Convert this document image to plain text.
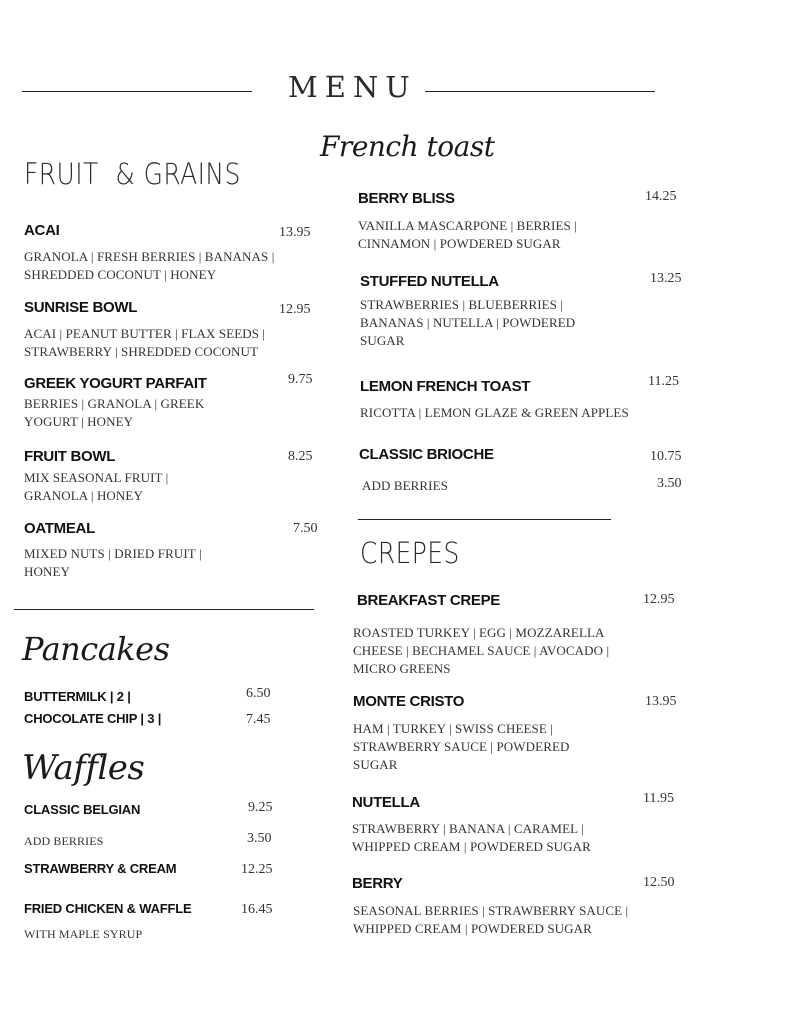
MENU
FRUIT  & GRAINS
ACAI	13.95
GRANOLA | FRESH BERRIES | BANANAS | SHREDDED COCONUT | HONEY
SUNRISE BOWL	12.95
ACAI | PEANUT BUTTER | FLAX SEEDS | STRAWBERRY | SHREDDED COCONUT
GREEK YOGURT PARFAIT	9.75
BERRIES | GRANOLA | GREEK YOGURT | HONEY
FRUIT BOWL	8.25
MIX SEASONAL FRUIT | GRANOLA | HONEY
OATMEAL	7.50
MIXED NUTS | DRIED FRUIT | HONEY
Pancakes
BUTTERMILK | 2 |	6.50
CHOCOLATE CHIP | 3 |	7.45
Waffles
CLASSIC BELGIAN	9.25
ADD BERRIES	3.50
STRAWBERRY & CREAM	12.25
FRIED CHICKEN & WAFFLE	16.45
WITH MAPLE SYRUP
French toast
BERRY BLISS	14.25
VANILLA MASCARPONE | BERRIES | CINNAMON | POWDERED SUGAR
STUFFED NUTELLA	13.25
STRAWBERRIES | BLUEBERRIES | BANANAS | NUTELLA | POWDERED SUGAR
LEMON FRENCH TOAST	11.25
RICOTTA | LEMON GLAZE & GREEN APPLES
CLASSIC BRIOCHE	10.75
ADD BERRIES	3.50
CREPES
BREAKFAST CREPE	12.95
ROASTED TURKEY | EGG | MOZZARELLA CHEESE | BECHAMEL SAUCE | AVOCADO | MICRO GREENS
MONTE CRISTO	13.95
HAM | TURKEY | SWISS CHEESE | STRAWBERRY SAUCE | POWDERED SUGAR
NUTELLA	11.95
STRAWBERRY | BANANA | CARAMEL | WHIPPED CREAM | POWDERED SUGAR
BERRY	12.50
SEASONAL BERRIES | STRAWBERRY SAUCE | WHIPPED CREAM | POWDERED SUGAR
